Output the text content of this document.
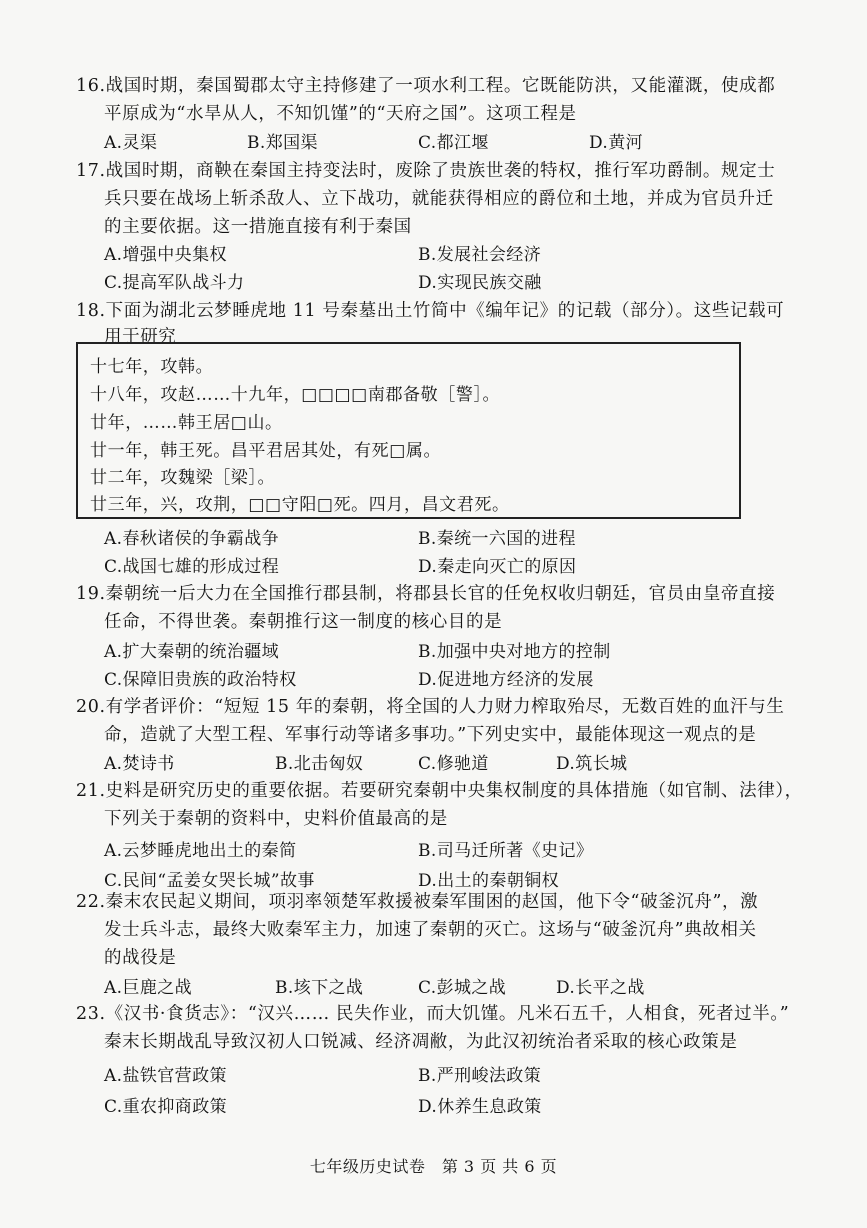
16.战国时期，秦国蜀郡太守主持修建了一项水利工程。它既能防洪，又能灌溉，使成都
平原成为“水旱从人，不知饥馑”的“天府之国”。这项工程是
A.灵渠	B.郑国渠	C.都江堰	D.黄河
17.战国时期，商鞅在秦国主持变法时，废除了贵族世袭的特权，推行军功爵制。规定士
兵只要在战场上斩杀敌人、立下战功，就能获得相应的爵位和土地，并成为官员升迁
的主要依据。这一措施直接有利于秦国
A.增强中央集权	B.发展社会经济
C.提高军队战斗力	D.实现民族交融
18.下面为湖北云梦睡虎地 11 号秦墓出土竹简中《编年记》的记载（部分）。这些记载可
用于研究
十七年，攻韩。
十八年，攻赵……十九年，□□□□南郡备敬［警］。
廿年，……韩王居□山。
廿一年，韩王死。昌平君居其处，有死□属。
廿二年，攻魏梁［梁］。
廿三年，兴，攻荆，□□守阳□死。四月，昌文君死。
A.春秋诸侯的争霸战争	B.秦统一六国的进程
C.战国七雄的形成过程	D.秦走向灭亡的原因
19.秦朝统一后大力在全国推行郡县制，将郡县长官的任免权收归朝廷，官员由皇帝直接
任命，不得世袭。秦朝推行这一制度的核心目的是
A.扩大秦朝的统治疆域	B.加强中央对地方的控制
C.保障旧贵族的政治特权	D.促进地方经济的发展
20.有学者评价：“短短 15 年的秦朝，将全国的人力财力榨取殆尽，无数百姓的血汗与生
命，造就了大型工程、军事行动等诸多事功。”下列史实中，最能体现这一观点的是
A.焚诗书	B.北击匈奴	C.修驰道	D.筑长城
21.史料是研究历史的重要依据。若要研究秦朝中央集权制度的具体措施（如官制、法律），
下列关于秦朝的资料中，史料价值最高的是
A.云梦睡虎地出土的秦简	B.司马迁所著《史记》
C.民间“孟姜女哭长城”故事	D.出土的秦朝铜权
22.秦末农民起义期间，项羽率领楚军救援被秦军围困的赵国，他下令“破釜沉舟”，激
发士兵斗志，最终大败秦军主力，加速了秦朝的灭亡。这场与“破釜沉舟”典故相关
的战役是
A.巨鹿之战	B.垓下之战	C.彭城之战	D.长平之战
23.《汉书·食货志》：“汉兴…… 民失作业，而大饥馑。凡米石五千，人相食，死者过半。”
秦末长期战乱导致汉初人口锐减、经济凋敝，为此汉初统治者采取的核心政策是
A.盐铁官营政策	B.严刑峻法政策
C.重农抑商政策	D.休养生息政策
七年级历史试卷　第 3 页 共 6 页
